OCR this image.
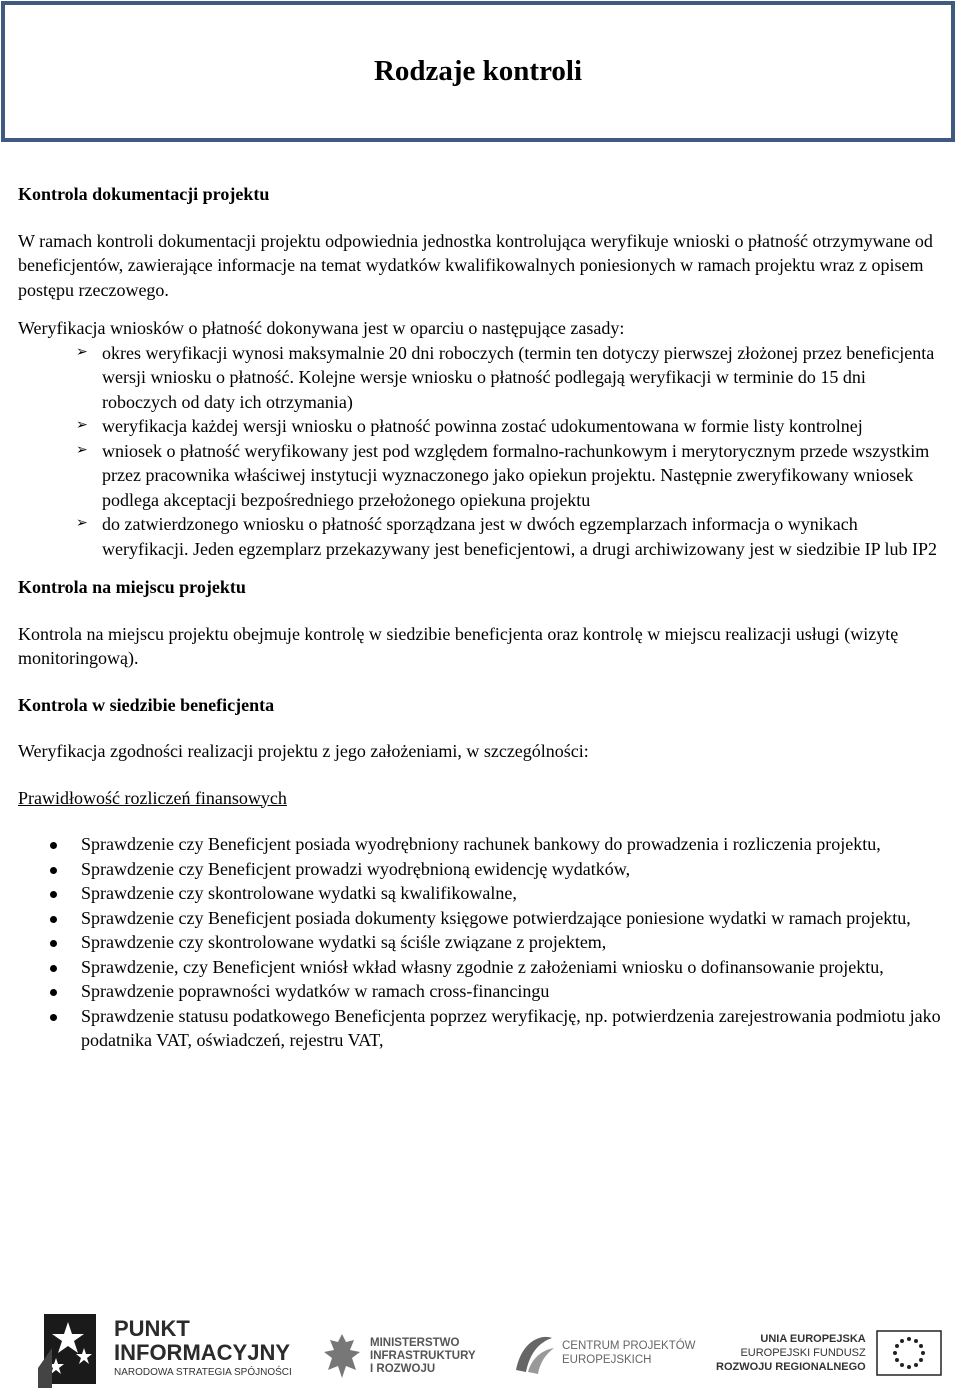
Rodzaje kontroli

Kontrola dokumentacji projektu

W ramach kontroli dokumentacji projektu odpowiednia jednostka kontrolująca weryfikuje wnioski o płatność otrzymywane od beneficjentów, zawierające informacje na temat wydatków kwalifikowalnych poniesionych w ramach projektu wraz z opisem postępu rzeczowego.

Weryfikacja wniosków o płatność dokonywana jest w oparciu o następujące zasady:

➢ okres weryfikacji wynosi maksymalnie 20 dni roboczych (termin ten dotyczy pierwszej złożonej przez beneficjenta wersji wniosku o płatność. Kolejne wersje wniosku o płatność podlegają weryfikacji w terminie do 15 dni roboczych od daty ich otrzymania)
➢ weryfikacja każdej wersji wniosku o płatność powinna zostać udokumentowana w formie listy kontrolnej
➢ wniosek o płatność weryfikowany jest pod względem formalno-rachunkowym i merytorycznym przede wszystkim przez pracownika właściwej instytucji wyznaczonego jako opiekun projektu. Następnie zweryfikowany wniosek podlega akceptacji bezpośredniego przełożonego opiekuna projektu
➢ do zatwierdzonego wniosku o płatność sporządzana jest w dwóch egzemplarzach informacja o wynikach weryfikacji. Jeden egzemplarz przekazywany jest beneficjentowi, a drugi archiwizowany jest w siedzibie IP lub IP2

Kontrola na miejscu projektu

Kontrola na miejscu projektu obejmuje kontrolę w siedzibie beneficjenta oraz kontrolę w miejscu realizacji usługi (wizytę monitoringową).

Kontrola w siedzibie beneficjenta

Weryfikacja zgodności realizacji projektu z jego założeniami, w szczególności:

Prawidłowość rozliczeń finansowych

Sprawdzenie czy Beneficjent posiada wyodrębniony rachunek bankowy do prowadzenia i rozliczenia projektu,
Sprawdzenie czy Beneficjent prowadzi wyodrębnioną ewidencję wydatków,
Sprawdzenie czy skontrolowane wydatki są kwalifikowalne,
Sprawdzenie czy Beneficjent posiada dokumenty księgowe potwierdzające poniesione wydatki w ramach projektu,
Sprawdzenie czy skontrolowane wydatki są ściśle związane z projektem,
Sprawdzenie, czy Beneficjent wniósł wkład własny zgodnie z założeniami wniosku o dofinansowanie projektu,
Sprawdzenie poprawności wydatków w ramach cross-financingu
Sprawdzenie statusu podatkowego Beneficjenta poprzez weryfikację, np. potwierdzenia zarejestrowania podmiotu jako podatnika VAT, oświadczeń, rejestru VAT,
PUNKT
INFORMACYJNY
NARODOWA STRATEGIA SPÓJNOŚCI
MINISTERSTWO
INFRASTRUKTURY
I ROZWOJU
CENTRUM PROJEKTÓW
EUROPEJSKICH
UNIA EUROPEJSKA
EUROPEJSKI FUNDUSZ
ROZWOJU REGIONALNEGO
